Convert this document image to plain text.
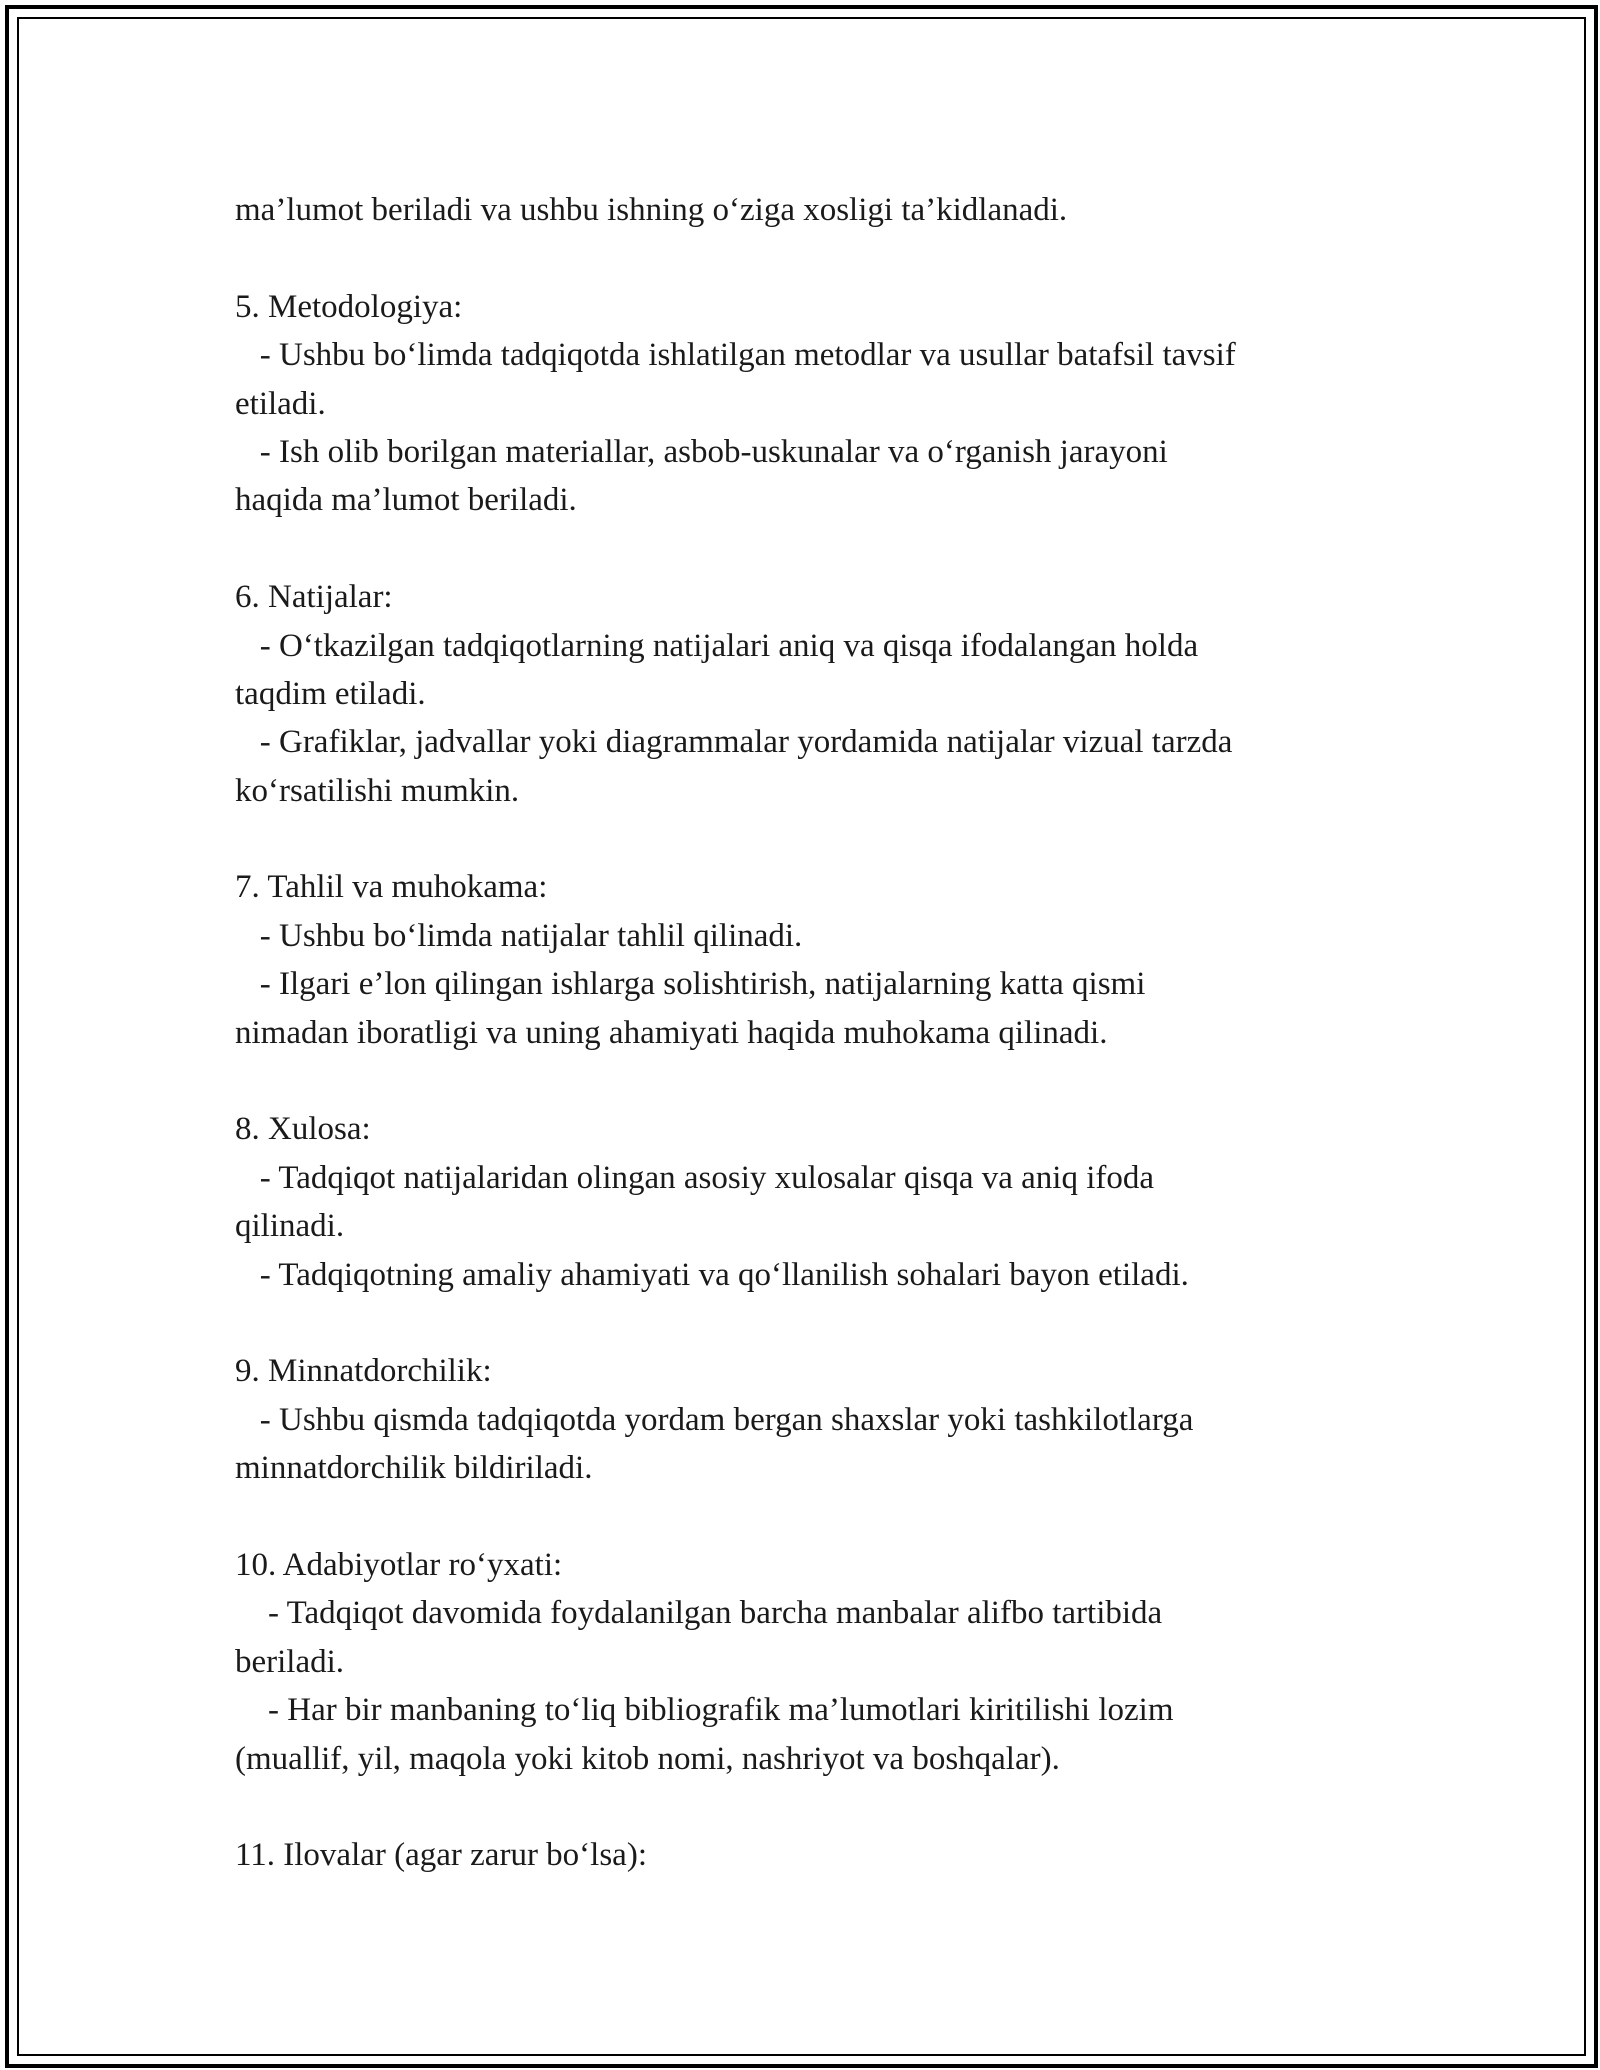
ma’lumot beriladi va ushbu ishning o‘ziga xosligi ta’kidlanadi.
5. Metodologiya:
- Ushbu bo‘limda tadqiqotda ishlatilgan metodlar va usullar batafsil tavsif
etiladi.
- Ish olib borilgan materiallar, asbob-uskunalar va o‘rganish jarayoni
haqida ma’lumot beriladi.
6. Natijalar:
- O‘tkazilgan tadqiqotlarning natijalari aniq va qisqa ifodalangan holda
taqdim etiladi.
- Grafiklar, jadvallar yoki diagrammalar yordamida natijalar vizual tarzda
ko‘rsatilishi mumkin.
7. Tahlil va muhokama:
- Ushbu bo‘limda natijalar tahlil qilinadi.
- Ilgari e’lon qilingan ishlarga solishtirish, natijalarning katta qismi
nimadan iboratligi va uning ahamiyati haqida muhokama qilinadi.
8. Xulosa:
- Tadqiqot natijalaridan olingan asosiy xulosalar qisqa va aniq ifoda
qilinadi.
- Tadqiqotning amaliy ahamiyati va qo‘llanilish sohalari bayon etiladi.
9. Minnatdorchilik:
- Ushbu qismda tadqiqotda yordam bergan shaxslar yoki tashkilotlarga
minnatdorchilik bildiriladi.
10. Adabiyotlar ro‘yxati:
- Tadqiqot davomida foydalanilgan barcha manbalar alifbo tartibida
beriladi.
- Har bir manbaning to‘liq bibliografik ma’lumotlari kiritilishi lozim
(muallif, yil, maqola yoki kitob nomi, nashriyot va boshqalar).
11. Ilovalar (agar zarur bo‘lsa):
